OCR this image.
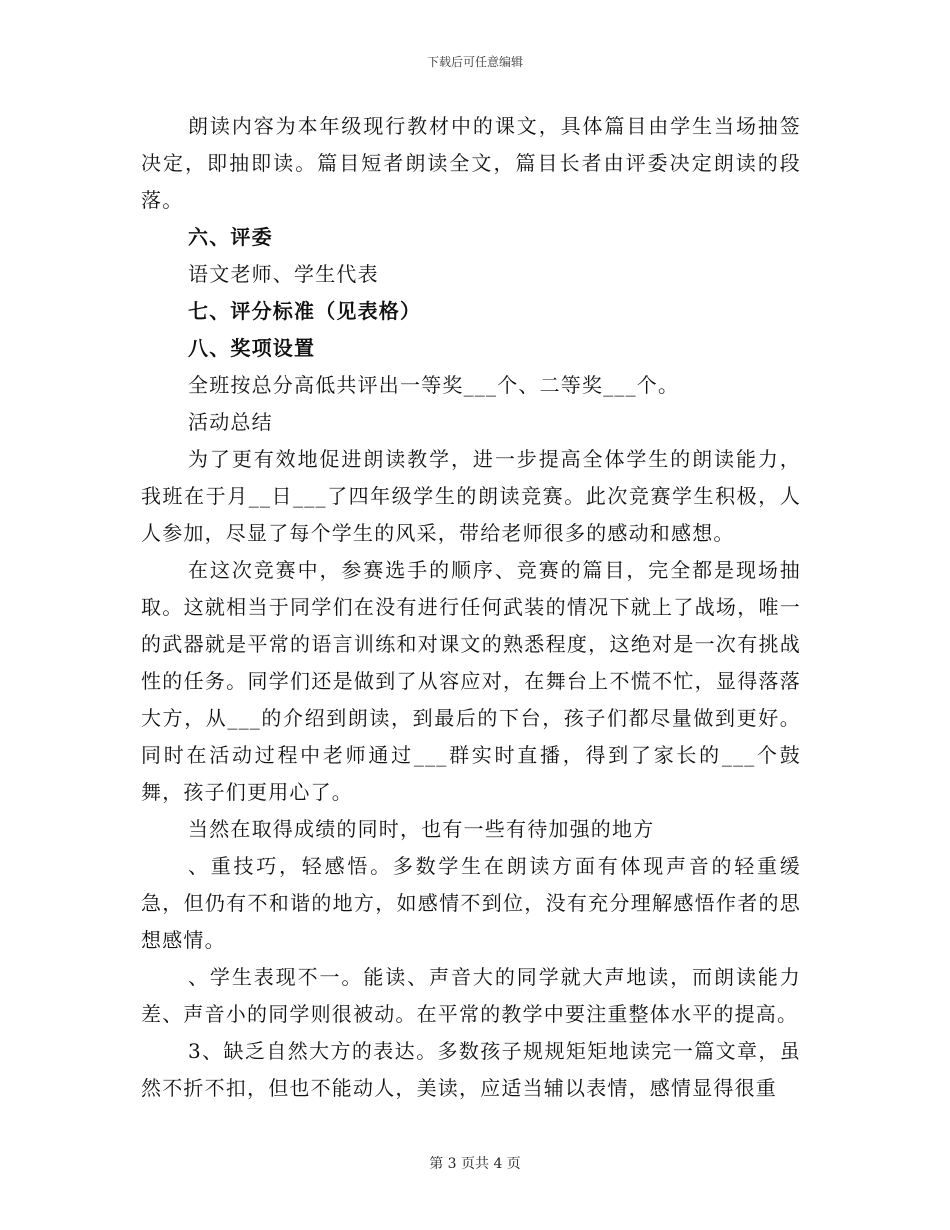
下载后可任意编辑

朗读内容为本年级现行教材中的课文，具体篇目由学生当场抽签决定，即抽即读。篇目短者朗读全文，篇目长者由评委决定朗读的段落。

六、评委

语文老师、学生代表

七、评分标准（见表格）

八、奖项设置

全班按总分高低共评出一等奖___个、二等奖___个。

活动总结

为了更有效地促进朗读教学，进一步提高全体学生的朗读能力，我班在于月__日___了四年级学生的朗读竞赛。此次竞赛学生积极，人人参加，尽显了每个学生的风采，带给老师很多的感动和感想。

在这次竞赛中，参赛选手的顺序、竞赛的篇目，完全都是现场抽取。这就相当于同学们在没有进行任何武装的情况下就上了战场，唯一的武器就是平常的语言训练和对课文的熟悉程度，这绝对是一次有挑战性的任务。同学们还是做到了从容应对，在舞台上不慌不忙，显得落落大方，从___的介绍到朗读，到最后的下台，孩子们都尽量做到更好。同时在活动过程中老师通过___群实时直播，得到了家长的___个鼓舞，孩子们更用心了。

当然在取得成绩的同时，也有一些有待加强的地方

、重技巧，轻感悟。多数学生在朗读方面有体现声音的轻重缓急，但仍有不和谐的地方，如感情不到位，没有充分理解感悟作者的思想感情。

、学生表现不一。能读、声音大的同学就大声地读，而朗读能力差、声音小的同学则很被动。在平常的教学中要注重整体水平的提高。

3、缺乏自然大方的表达。多数孩子规规矩矩地读完一篇文章，虽然不折不扣，但也不能动人，美读，应适当辅以表情，感情显得很重

第 3 页共 4 页
